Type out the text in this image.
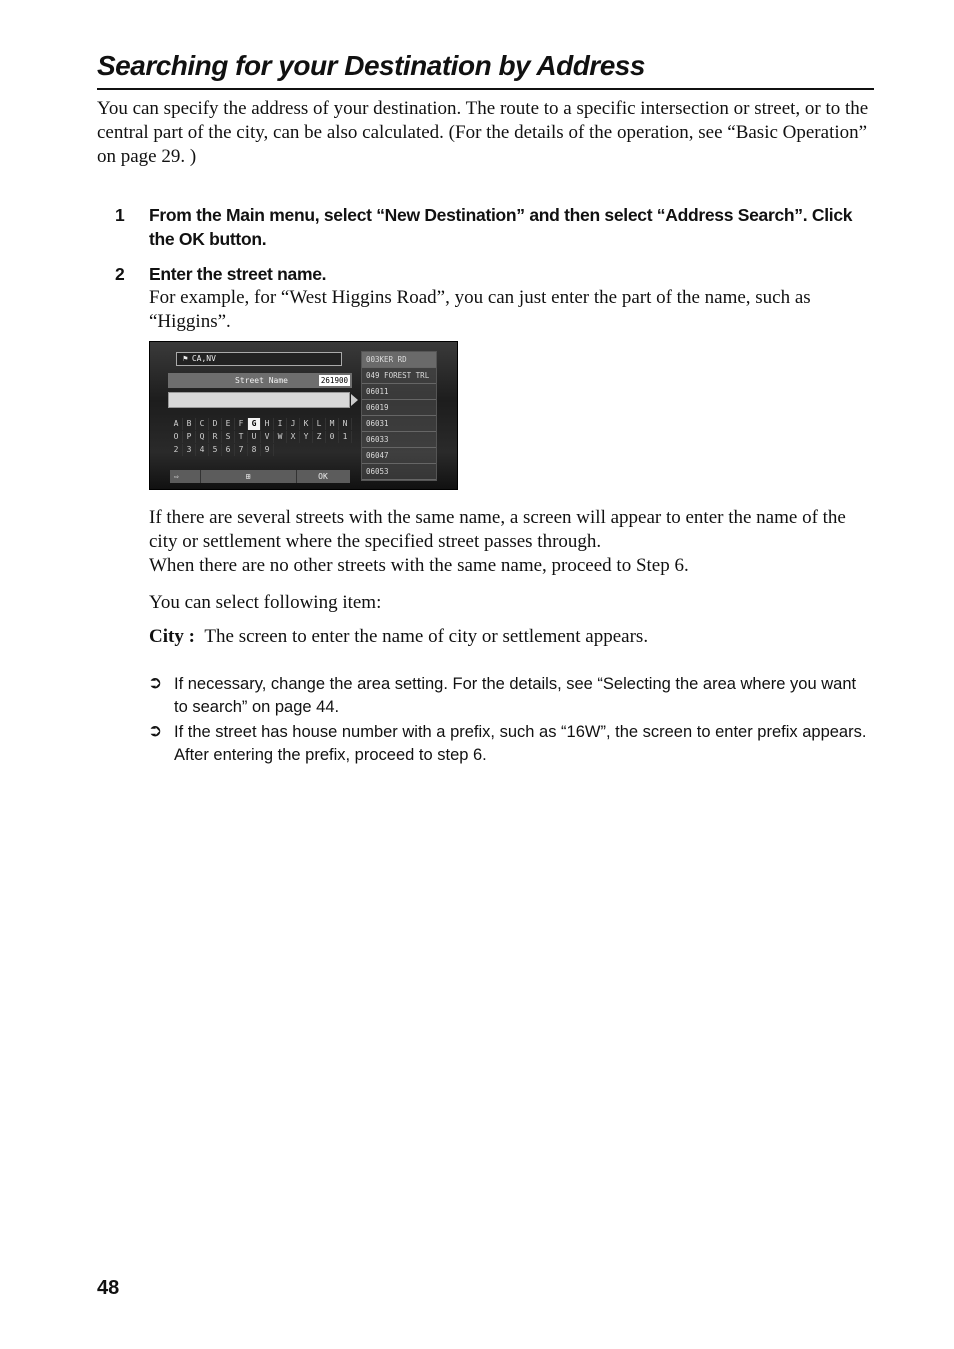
Searching for your Destination by Address
You can specify the address of your destination. The route to a specific intersection or street, or to the central part of the city, can be also calculated. (For the details of the operation, see “Basic Operation” on page 29. )
1 From the Main menu, select “New Destination” and then select “Address Search”. Click the OK button.
2 Enter the street name.
For example, for “West Higgins Road”, you can just enter the part of the name, such as “Higgins”.
⚑ CA,NV
Street Name	261900
A	B	C	D	E	F	G	H	I	J	K	L	M	N
O	P	Q	R	S	T	U	V	W	X	Y	Z	0	1
2	3	4	5	6	7	8	9
⇨	⊞	OK
003KER RD
049 FOREST TRL
06011
06019
06031
06033
06047
06053
If there are several streets with the same name, a screen will appear to enter the name of the city or settlement where the specified street passes through.
When there are no other streets with the same name, proceed to Step 6.
You can select following item:
City : The screen to enter the name of city or settlement appears.
➲ If necessary, change the area setting. For the details, see “Selecting the area where you want to search” on page 44.
➲ If the street has house number with a prefix, such as “16W”, the screen to enter prefix appears. After entering the prefix, proceed to step 6.
48
